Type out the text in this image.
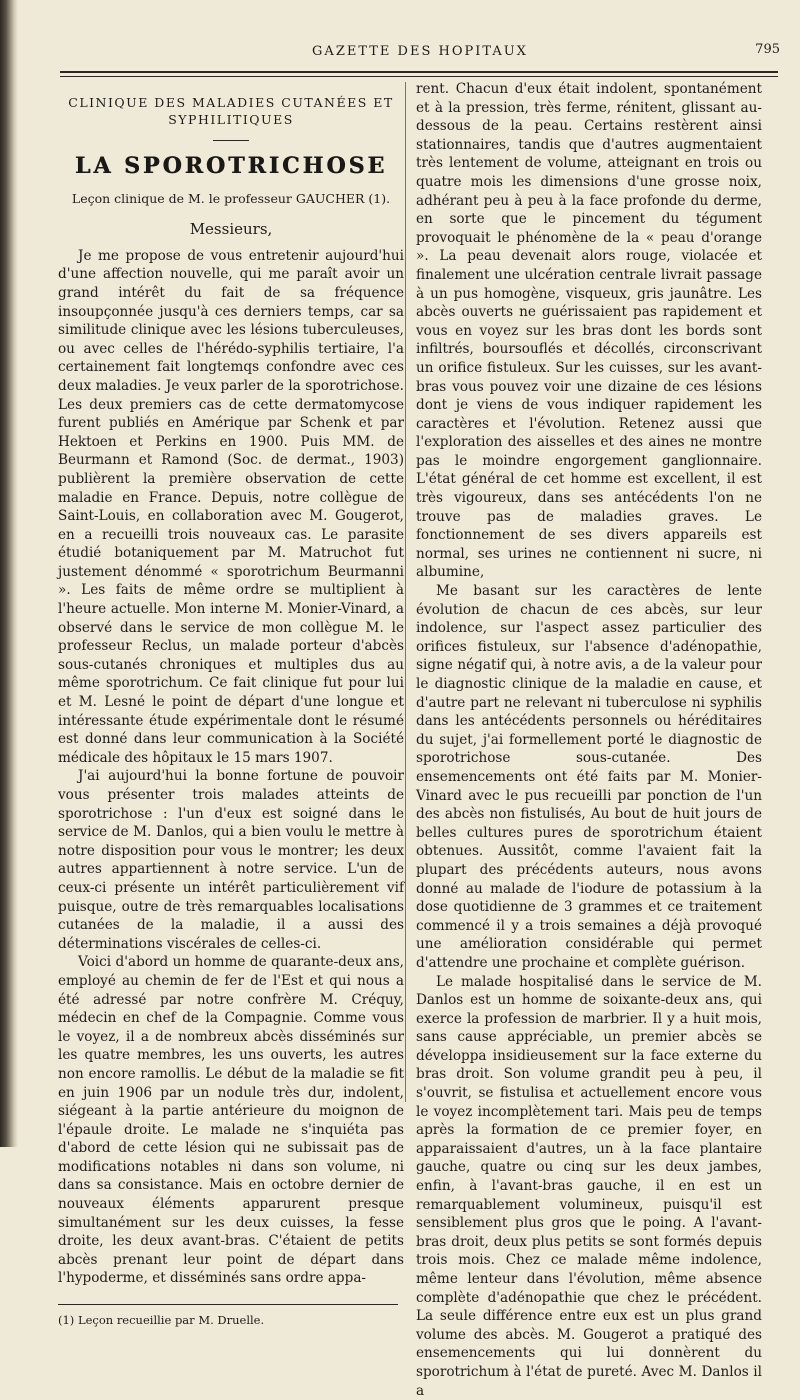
GAZETTE DES HOPITAUX	795
CLINIQUE DES MALADIES CUTANÉES ET SYPHILITIQUES
LA SPOROTRICHOSE
Leçon clinique de M. le professeur GAUCHER (1).
Messieurs,

Je me propose de vous entretenir aujourd'hui d'une affection nouvelle, qui me paraît avoir un grand intérêt du fait de sa fréquence insoupçonnée jusqu'à ces derniers temps, car sa similitude clinique avec les lésions tuberculeuses, ou avec celles de l'hérédo-syphilis tertiaire, l'a certainement fait longtemqs confondre avec ces deux maladies. Je veux parler de la sporotrichose. Les deux premiers cas de cette dermatomycose furent publiés en Amérique par Schenk et par Hektoen et Perkins en 1900. Puis MM. de Beurmann et Ramond (Soc. de dermat., 1903) publièrent la première observation de cette maladie en France. Depuis, notre collègue de Saint-Louis, en collaboration avec M. Gougerot, en a recueilli trois nouveaux cas. Le parasite étudié botaniquement par M. Matruchot fut justement dénommé « sporotrichum Beurmanni ». Les faits de même ordre se multiplient à l'heure actuelle. Mon interne M. Monier-Vinard, a observé dans le service de mon collègue M. le professeur Reclus, un malade porteur d'abcès sous-cutanés chroniques et multiples dus au même sporotrichum. Ce fait clinique fut pour lui et M. Lesné le point de départ d'une longue et intéressante étude expérimentale dont le résumé est donné dans leur communication à la Société médicale des hôpitaux le 15 mars 1907.

J'ai aujourd'hui la bonne fortune de pouvoir vous présenter trois malades atteints de sporotrichose : l'un d'eux est soigné dans le service de M. Danlos, qui a bien voulu le mettre à notre disposition pour vous le montrer; les deux autres appartiennent à notre service. L'un de ceux-ci présente un intérêt particulièrement vif puisque, outre de très remarquables localisations cutanées de la maladie, il a aussi des déterminations viscérales de celles-ci.

Voici d'abord un homme de quarante-deux ans, employé au chemin de fer de l'Est et qui nous a été adressé par notre confrère M. Créquy, médecin en chef de la Compagnie. Comme vous le voyez, il a de nombreux abcès disséminés sur les quatre membres, les uns ouverts, les autres non encore ramollis. Le début de la maladie se fit en juin 1906 par un nodule très dur, indolent, siégeant à la partie antérieure du moignon de l'épaule droite. Le malade ne s'inquiéta pas d'abord de cette lésion qui ne subissait pas de modifications notables ni dans son volume, ni dans sa consistance. Mais en octobre dernier de nouveaux éléments apparurent presque simultanément sur les deux cuisses, la fesse droite, les deux avant-bras. C'étaient de petits abcès prenant leur point de départ dans l'hypoderme, et disséminés sans ordre appa-

(1) Leçon recueillie par M. Druelle.

rent. Chacun d'eux était indolent, spontanément et à la pression, très ferme, rénitent, glissant au-dessous de la peau. Certains restèrent ainsi stationnaires, tandis que d'autres augmentaient très lentement de volume, atteignant en trois ou quatre mois les dimensions d'une grosse noix, adhérant peu à peu à la face profonde du derme, en sorte que le pincement du tégument provoquait le phénomène de la « peau d'orange ». La peau devenait alors rouge, violacée et finalement une ulcération centrale livrait passage à un pus homogène, visqueux, gris jaunâtre. Les abcès ouverts ne guérissaient pas rapidement et vous en voyez sur les bras dont les bords sont infiltrés, boursouflés et décollés, circonscrivant un orifice fistuleux. Sur les cuisses, sur les avant-bras vous pouvez voir une dizaine de ces lésions dont je viens de vous indiquer rapidement les caractères et l'évolution. Retenez aussi que l'exploration des aisselles et des aines ne montre pas le moindre engorgement ganglionnaire. L'état général de cet homme est excellent, il est très vigoureux, dans ses antécédents l'on ne trouve pas de maladies graves. Le fonctionnement de ses divers appareils est normal, ses urines ne contiennent ni sucre, ni albumine,

Me basant sur les caractères de lente évolution de chacun de ces abcès, sur leur indolence, sur l'aspect assez particulier des orifices fistuleux, sur l'absence d'adénopathie, signe négatif qui, à notre avis, a de la valeur pour le diagnostic clinique de la maladie en cause, et d'autre part ne relevant ni tuberculose ni syphilis dans les antécédents personnels ou héréditaires du sujet, j'ai formellement porté le diagnostic de sporotrichose sous-cutanée. Des ensemencements ont été faits par M. Monier-Vinard avec le pus recueilli par ponction de l'un des abcès non fistulisés, Au bout de huit jours de belles cultures pures de sporotrichum étaient obtenues. Aussitôt, comme l'avaient fait la plupart des précédents auteurs, nous avons donné au malade de l'iodure de potassium à la dose quotidienne de 3 grammes et ce traitement commencé il y a trois semaines a déjà provoqué une amélioration considérable qui permet d'attendre une prochaine et complète guérison.

Le malade hospitalisé dans le service de M. Danlos est un homme de soixante-deux ans, qui exerce la profession de marbrier. Il y a huit mois, sans cause appréciable, un premier abcès se développa insidieusement sur la face externe du bras droit. Son volume grandit peu à peu, il s'ouvrit, se fistulisa et actuellement encore vous le voyez incomplètement tari. Mais peu de temps après la formation de ce premier foyer, en apparaissaient d'autres, un à la face plantaire gauche, quatre ou cinq sur les deux jambes, enfin, à l'avant-bras gauche, il en est un remarquablement volumineux, puisqu'il est sensiblement plus gros que le poing. A l'avant-bras droit, deux plus petits se sont formés depuis trois mois. Chez ce malade même indolence, même lenteur dans l'évolution, même absence complète d'adénopathie que chez le précédent. La seule différence entre eux est un plus grand volume des abcès. M. Gougerot a pratiqué des ensemencements qui lui donnèrent du sporotrichum à l'état de pureté. Avec M. Danlos il a
